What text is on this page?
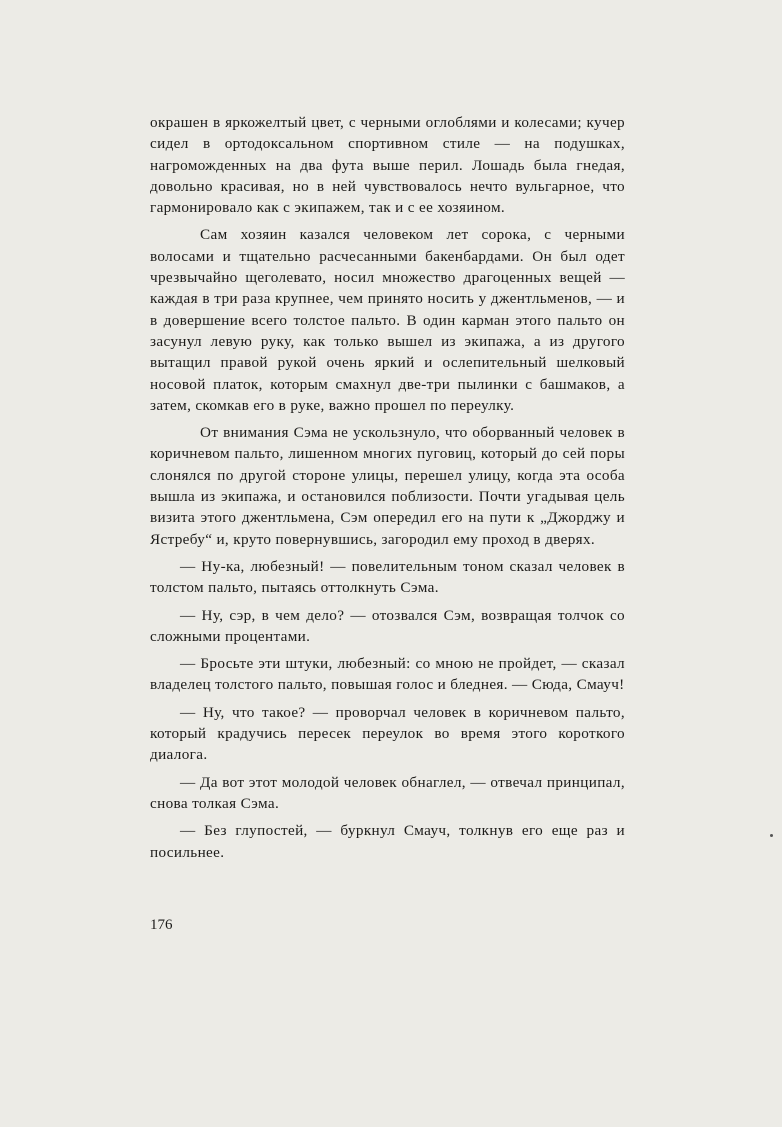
окрашен в яркожелтый цвет, с черными оглоблями и колесами; кучер сидел в ортодоксальном спортивном стиле — на подушках, нагроможденных на два фута выше перил. Лошадь была гнедая, довольно красивая, но в ней чувствовалось нечто вульгарное, что гармонировало как с экипажем, так и с ее хозяином.

Сам хозяин казался человеком лет сорока, с черными волосами и тщательно расчесанными бакенбардами. Он был одет чрезвычайно щеголевато, носил множество драгоценных вещей — каждая в три раза крупнее, чем принято носить у джентльменов, — и в довершение всего толстое пальто. В один карман этого пальто он засунул левую руку, как только вышел из экипажа, а из другого вытащил правой рукой очень яркий и ослепительный шелковый носовой платок, которым смахнул две-три пылинки с башмаков, а затем, скомкав его в руке, важно прошел по переулку.

От внимания Сэма не ускользнуло, что оборванный человек в коричневом пальто, лишенном многих пуговиц, который до сей поры слонялся по другой стороне улицы, перешел улицу, когда эта особа вышла из экипажа, и остановился поблизости. Почти угадывая цель визита этого джентльмена, Сэм опередил его на пути к „Джорджу и Ястребу“ и, круто повернувшись, загородил ему проход в дверях.

— Ну-ка, любезный! — повелительным тоном сказал человек в толстом пальто, пытаясь оттолкнуть Сэма.

— Ну, сэр, в чем дело? — отозвался Сэм, возвращая толчок со сложными процентами.

— Бросьте эти штуки, любезный: со мною не пройдет, — сказал владелец толстого пальто, повышая голос и бледнея. — Сюда, Смауч!

— Ну, что такое? — проворчал человек в коричневом пальто, который крадучись пересек переулок во время этого короткого диалога.

— Да вот этот молодой человек обнаглел, — отвечал принципал, снова толкая Сэма.

— Без глупостей, — буркнул Смауч, толкнув его еще раз и посильнее.

176
